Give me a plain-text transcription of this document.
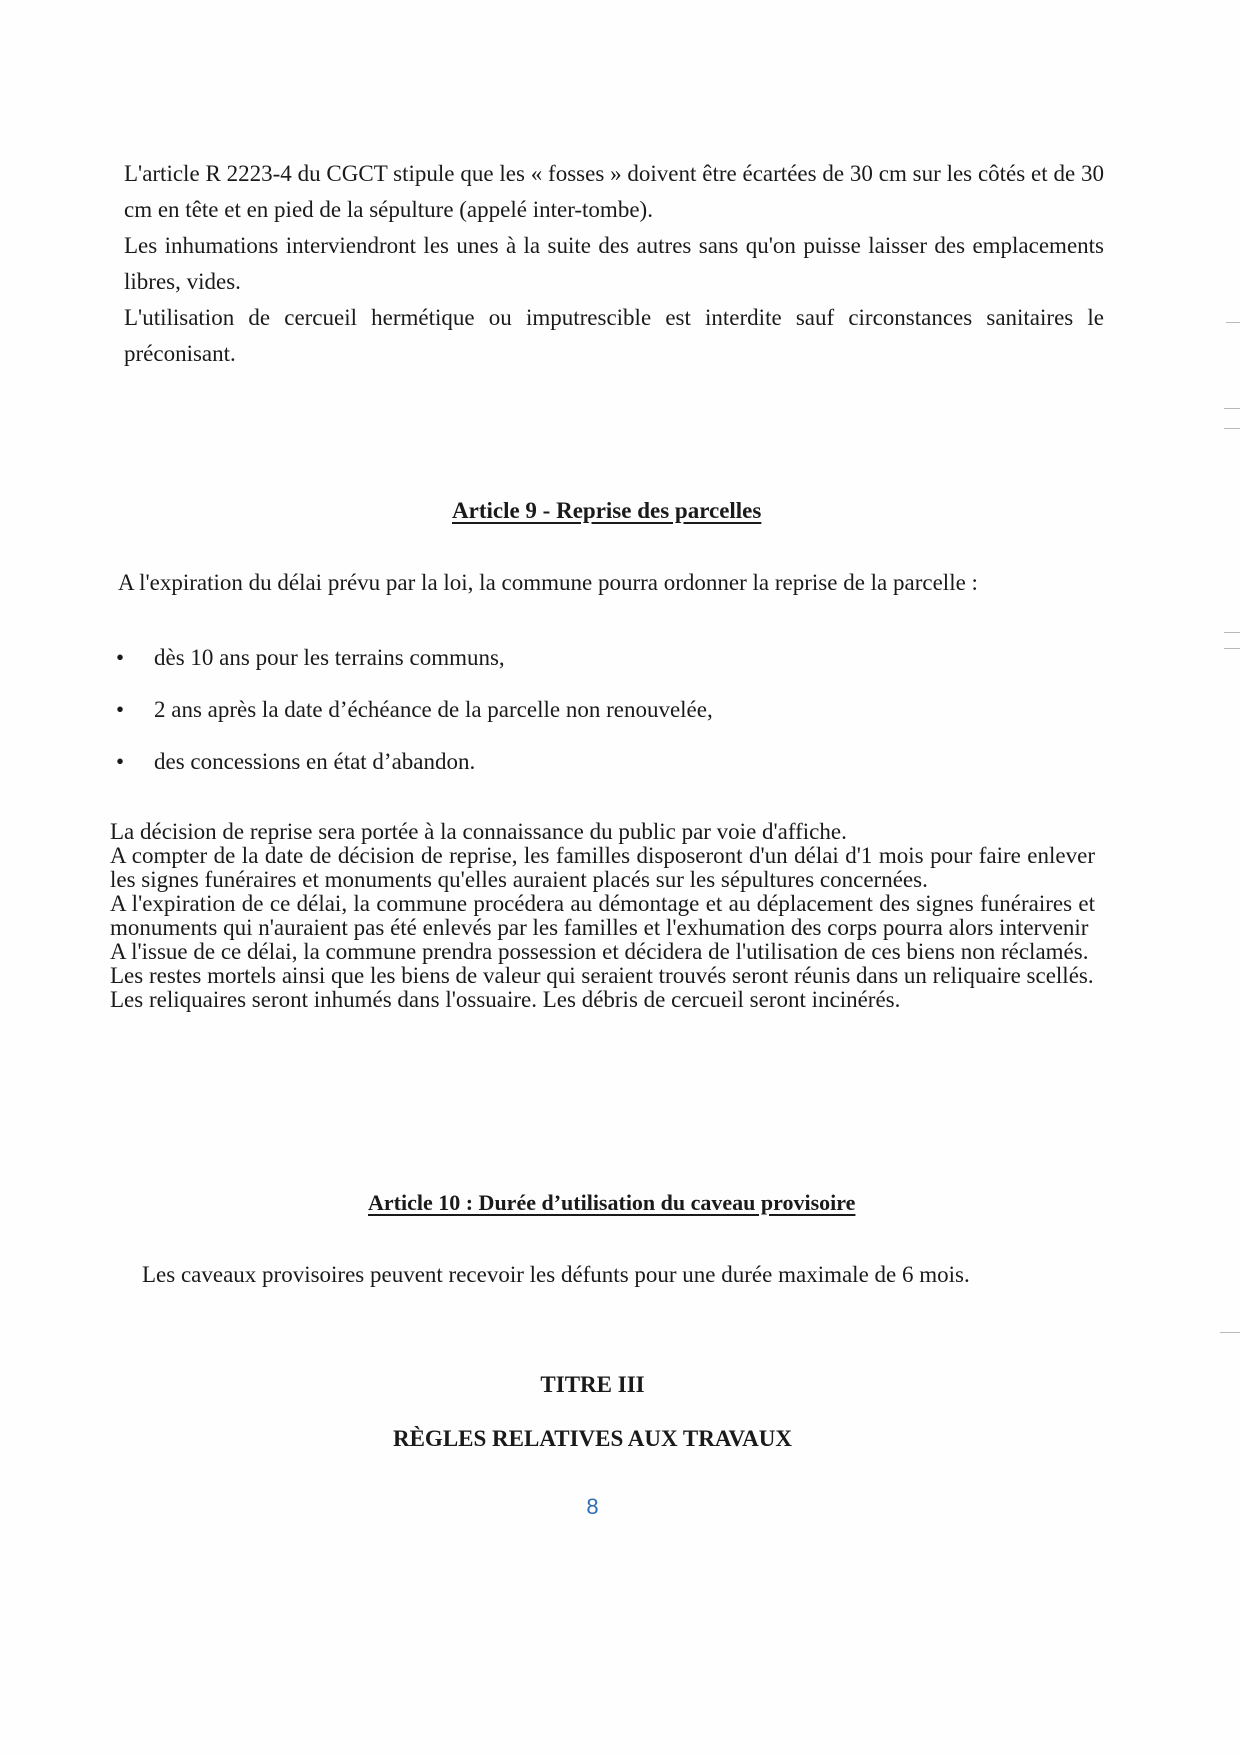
L'article R 2223-4 du CGCT stipule que les « fosses » doivent être écartées de 30 cm sur les côtés et de 30 cm en tête et en pied de la sépulture (appelé inter-tombe).

Les inhumations interviendront les unes à la suite des autres sans qu'on puisse laisser des emplacements libres, vides.

L'utilisation de cercueil hermétique ou imputrescible est interdite sauf circonstances sanitaires le préconisant.

Article 9 - Reprise des parcelles
A l'expiration du délai prévu par la loi, la commune pourra ordonner la reprise de la parcelle :
• dès 10 ans pour les terrains communs,
• 2 ans après la date d’échéance de la parcelle non renouvelée,
• des concessions en état d’abandon.

La décision de reprise sera portée à la connaissance du public par voie d'affiche.

A compter de la date de décision de reprise, les familles disposeront d'un délai d'1 mois pour faire enlever les signes funéraires et monuments qu'elles auraient placés sur les sépultures concernées.

A l'expiration de ce délai, la commune procédera au démontage et au déplacement des signes funéraires et monuments qui n'auraient pas été enlevés par les familles et l'exhumation des corps pourra alors intervenir

A l'issue de ce délai, la commune prendra possession et décidera de l'utilisation de ces biens non réclamés.

Les restes mortels ainsi que les biens de valeur qui seraient trouvés seront réunis dans un reliquaire scellés.

Les reliquaires seront inhumés dans l'ossuaire. Les débris de cercueil seront incinérés.

Article 10 : Durée d’utilisation du caveau provisoire
Les caveaux provisoires peuvent recevoir les défunts pour une durée maximale de 6 mois.
TITRE III
RÈGLES RELATIVES AUX TRAVAUX
8
